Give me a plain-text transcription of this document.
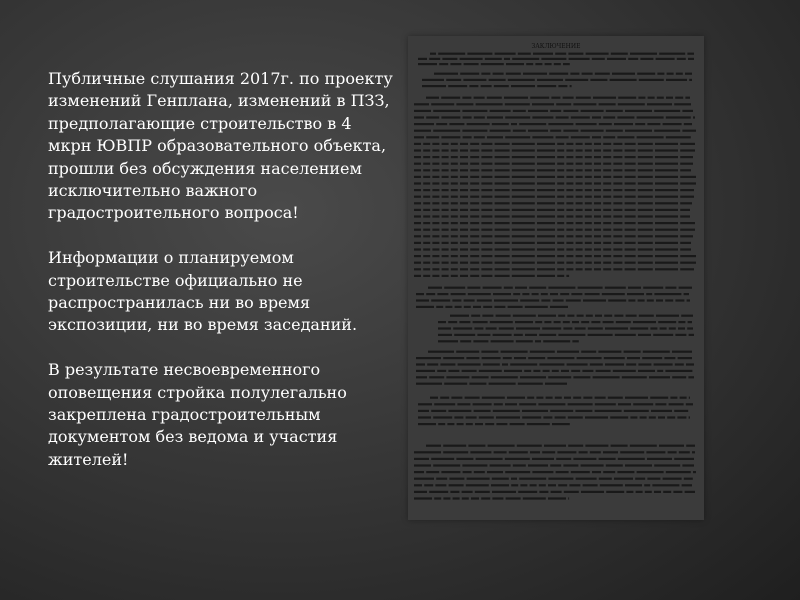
Публичные слушания 2017г. по проекту изменений Генплана, изменений в ПЗЗ, предполагающие строительство в 4 мкрн ЮВПР образовательного объекта,
прошли без обсуждения населением исключительно важного градостроительного вопроса!

Информации о планируемом строительстве официально не распространилась ни во время экспозиции, ни во время заседаний.

В результате несвоевременного оповещения стройка полулегально закреплена градостроительным документом без ведома и участия жителей!

ЗАКЛЮЧЕНИЕ
